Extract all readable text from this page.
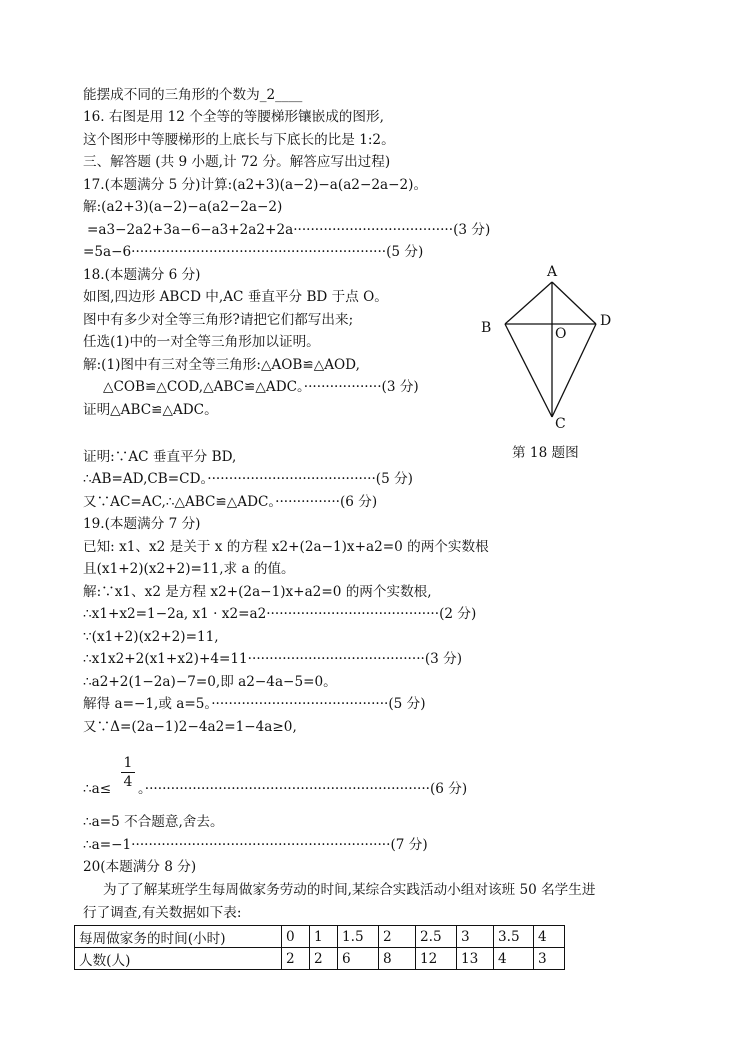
能摆成不同的三角形的个数为_2____
16. 右图是用 12 个全等的等腰梯形镶嵌成的图形,
这个图形中等腰梯形的上底长与下底长的比是 1:2。
三、解答题 (共 9 小题,计 72 分。解答应写出过程)
17.(本题满分 5 分)计算:(a2+3)(a−2)−a(a2−2a−2)。
解:(a2+3)(a−2)−a(a2−2a−2)
=a3−2a2+3a−6−a3+2a2+2a·····································(3 分)
=5a−6···························································(5 分)
18.(本题满分 6 分)
如图,四边形 ABCD 中,AC 垂直平分 BD 于点 O。
图中有多少对全等三角形?请把它们都写出来;
任选(1)中的一对全等三角形加以证明。
解:(1)图中有三对全等三角形:△AOB≌△AOD,
△COB≌△COD,△ABC≌△ADC。··················(3 分)
证明△ABC≌△ADC。
证明:∵AC 垂直平分 BD,
∴AB=AD,CB=CD。·······································(5 分)
又∵AC=AC,∴△ABC≌△ADC。···············(6 分)
19.(本题满分 7 分)
已知: x1、x2 是关于 x 的方程 x2+(2a−1)x+a2=0 的两个实数根
且(x1+2)(x2+2)=11,求 a 的值。
解:∵x1、x2 是方程 x2+(2a−1)x+a2=0 的两个实数根,
∴x1+x2=1−2a, x1 · x2=a2········································(2 分)
∵(x1+2)(x2+2)=11,
∴x1x2+2(x1+x2)+4=11·········································(3 分)
∴a2+2(1−2a)−7=0,即 a2−4a−5=0。
解得 a=−1,或 a=5。·········································(5 分)
又∵Δ=(2a−1)2−4a2=1−4a≥0,
∴a≤
1
4 。··································································(6 分)
∴a=5 不合题意,舍去。
∴a=−1····························································(7 分)
20(本题满分 8 分)
为了了解某班学生每周做家务劳动的时间,某综合实践活动小组对该班 50 名学生进
行了调查,有关数据如下表:
A
B	O
D
C
第 18 题图
每周做家务的时间(小时)	0	1	1.5	2	2.5	3	3.5	4
人数(人)	2	2	6	8	12	13	4	3
